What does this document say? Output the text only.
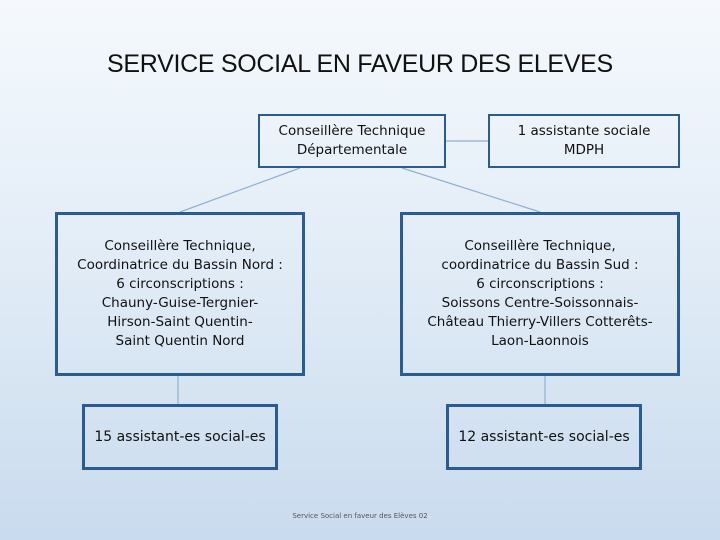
SERVICE SOCIAL EN FAVEUR DES ELEVES
Conseillère Technique
Départementale
1 assistante sociale
MDPH
Conseillère Technique,
Coordinatrice du Bassin Nord :
6 circonscriptions :
Chauny-Guise-Tergnier-
Hirson-Saint Quentin-
Saint Quentin Nord
Conseillère Technique,
coordinatrice du Bassin Sud :
6 circonscriptions :
Soissons Centre-Soissonnais-
Château Thierry-Villers Cotterêts-
Laon-Laonnois
15 assistant-es social-es	12 assistant-es social-es
Service Social en faveur des Elèves 02
